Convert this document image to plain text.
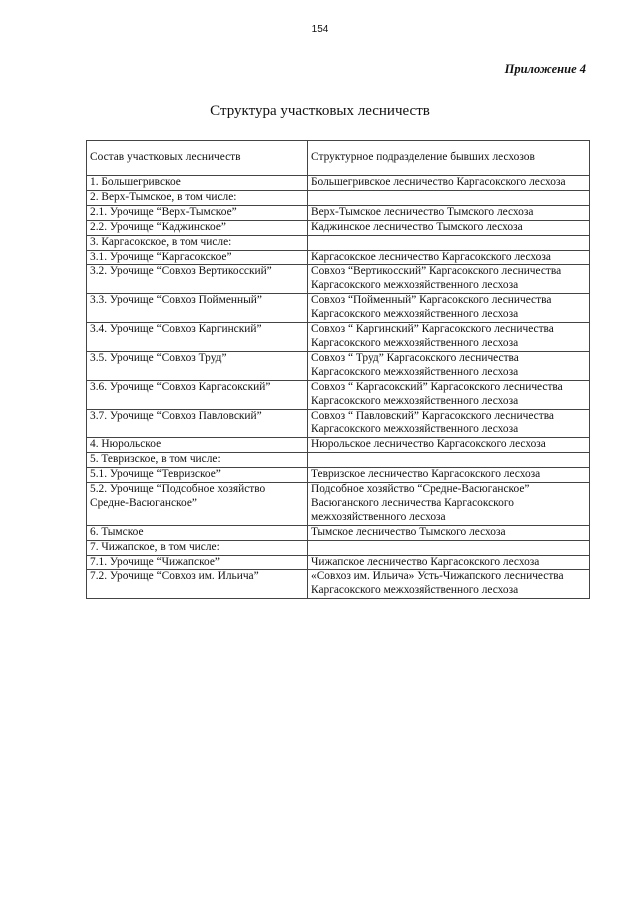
154
Приложение 4
Структура участковых лесничеств
Состав участковых лесничеств	Структурное подразделение бывших лесхозов
1. Большегривское	Большегривское лесничество Каргасокского лесхоза
2. Верх-Тымское, в том числе:	
2.1. Урочище “Верх-Тымское”	Верх-Тымское лесничество Тымского лесхоза
2.2. Урочище “Каджинское”	Каджинское лесничество Тымского лесхоза
3. Каргасокское, в том числе:	
3.1. Урочище “Каргасокское”	Каргасокское лесничество Каргасокского лесхоза
3.2. Урочище “Совхоз Вертикосский”	Совхоз “Вертикосский” Каргасокского лесничества Каргасокского межхозяйственного лесхоза
3.3. Урочище “Совхоз Пойменный”	Совхоз “Пойменный” Каргасокского лесничества Каргасокского межхозяйственного лесхоза
3.4. Урочище “Совхоз Каргинский”	Совхоз “ Каргинский” Каргасокского лесничества Каргасокского межхозяйственного лесхоза
3.5. Урочище “Совхоз Труд”	Совхоз “ Труд” Каргасокского лесничества Каргасокского межхозяйственного лесхоза
3.6. Урочище “Совхоз Каргасокский”	Совхоз “ Каргасокский” Каргасокского лесничества Каргасокского межхозяйственного лесхоза
3.7. Урочище “Совхоз Павловский”	Совхоз “ Павловский” Каргасокского лесничества Каргасокского межхозяйственного лесхоза
4. Нюрольское	Нюрольское лесничество Каргасокского лесхоза
5. Тевризское, в том числе:	
5.1. Урочище “Тевризское”	Тевризское лесничество Каргасокского лесхоза
5.2. Урочище “Подсобное хозяйство Средне-Васюганское”	Подсобное хозяйство “Средне-Васюганское” Васюганского лесничества Каргасокского межхозяйственного лесхоза
6. Тымское	Тымское лесничество Тымского лесхоза
7. Чижапское, в том числе:	
7.1. Урочище “Чижапское”	Чижапское лесничество Каргасокского лесхоза
7.2. Урочище “Совхоз им. Ильича”	«Совхоз им. Ильича» Усть-Чижапского лесничества Каргасокского межхозяйственного лесхоза
